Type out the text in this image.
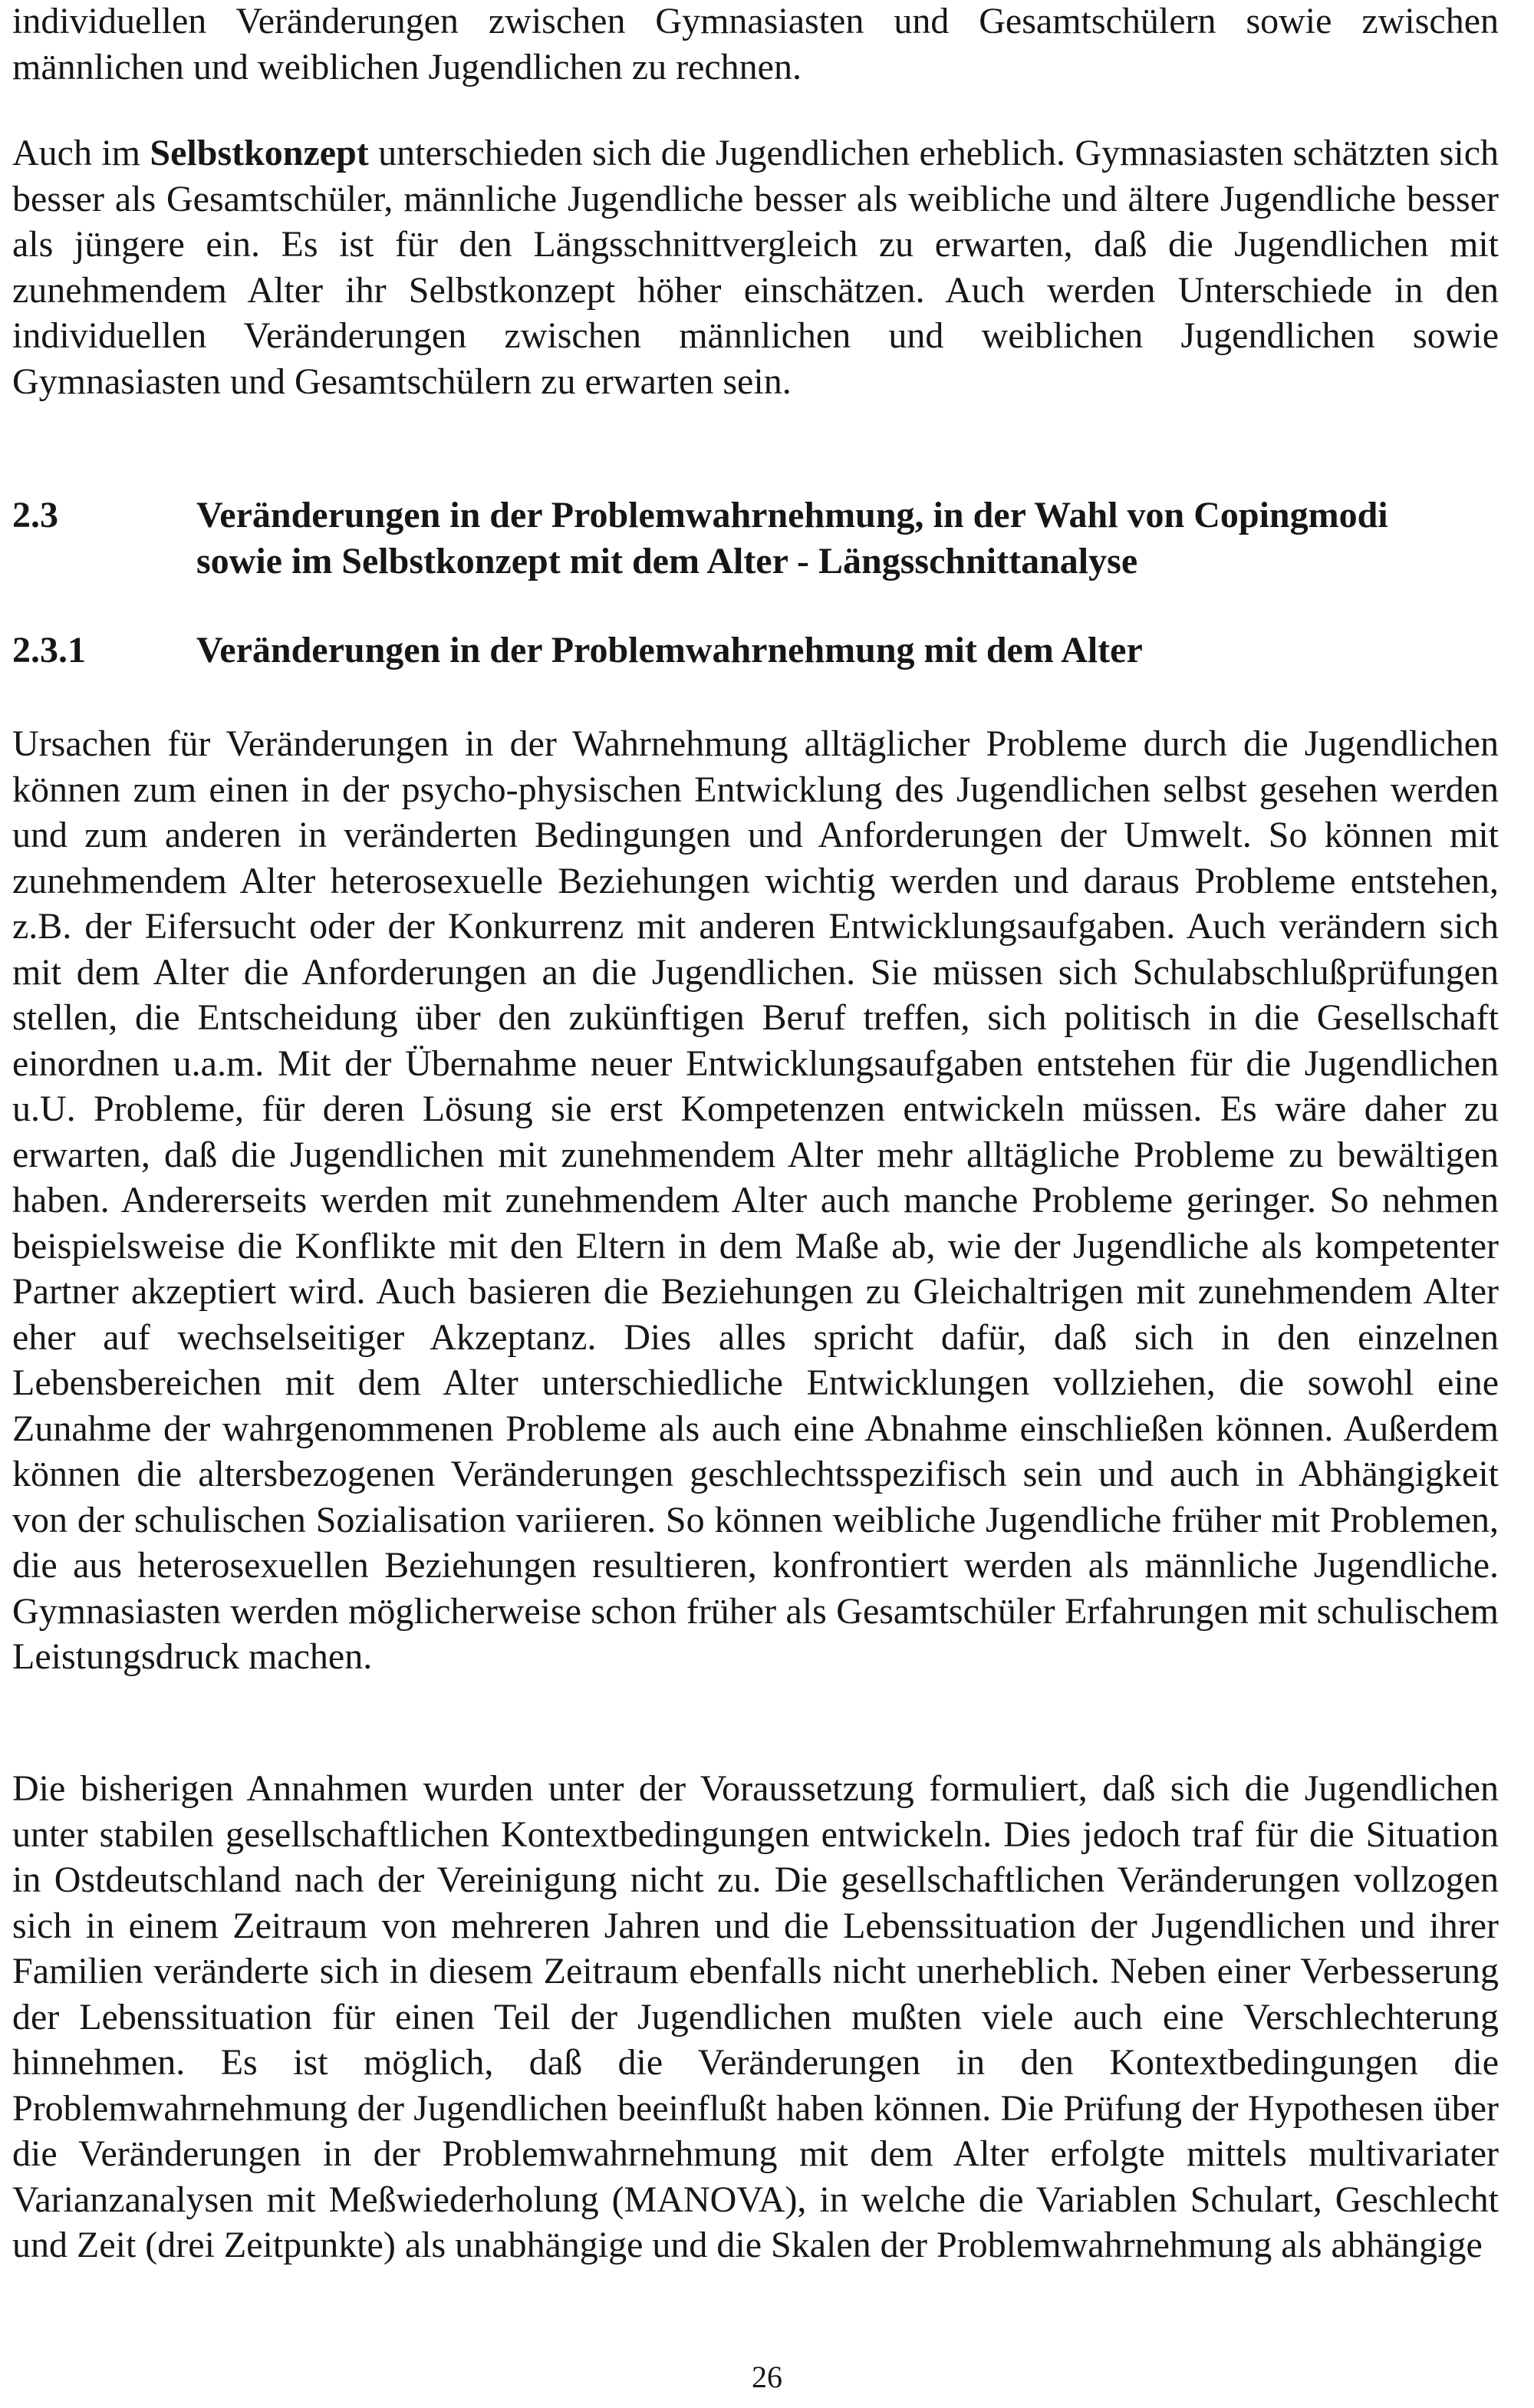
individuellen Veränderungen zwischen Gymnasiasten und Gesamtschülern sowie zwischen männlichen und weiblichen Jugendlichen zu rechnen.

Auch im Selbstkonzept unterschieden sich die Jugendlichen erheblich. Gymnasiasten schätzten sich besser als Gesamtschüler, männliche Jugendliche besser als weibliche und ältere Jugendliche besser als jüngere ein. Es ist für den Längsschnittvergleich zu erwarten, daß die Jugendlichen mit zunehmendem Alter ihr Selbstkonzept höher einschätzen. Auch werden Unterschiede in den individuellen Veränderungen zwischen männlichen und weiblichen Jugendlichen sowie Gymnasiasten und Gesamtschülern zu erwarten sein.

2.3	Veränderungen in der Problemwahrnehmung, in der Wahl von Copingmodi
sowie im Selbstkonzept mit dem Alter - Längsschnittanalyse
2.3.1	Veränderungen in der Problemwahrnehmung mit dem Alter

Ursachen für Veränderungen in der Wahrnehmung alltäglicher Probleme durch die Jugendlichen können zum einen in der psycho-physischen Entwicklung des Jugendlichen selbst gesehen werden und zum anderen in veränderten Bedingungen und Anforderungen der Umwelt. So können mit zunehmendem Alter heterosexuelle Beziehungen wichtig werden und daraus Probleme entstehen, z.B. der Eifersucht oder der Konkurrenz mit anderen Entwicklungsaufgaben. Auch verändern sich mit dem Alter die Anforderungen an die Jugendlichen. Sie müssen sich Schulabschlußprüfungen stellen, die Entscheidung über den zukünftigen Beruf treffen, sich politisch in die Gesellschaft einordnen u.a.m. Mit der Übernahme neuer Entwicklungsaufgaben entstehen für die Jugendlichen u.U. Probleme, für deren Lösung sie erst Kompetenzen entwickeln müssen. Es wäre daher zu erwarten, daß die Jugendlichen mit zunehmendem Alter mehr alltägliche Probleme zu bewältigen haben. Andererseits werden mit zunehmendem Alter auch manche Probleme geringer. So nehmen beispielsweise die Konflikte mit den Eltern in dem Maße ab, wie der Jugendliche als kompetenter Partner akzeptiert wird. Auch basieren die Beziehungen zu Gleichaltrigen mit zunehmendem Alter eher auf wechselseitiger Akzeptanz. Dies alles spricht dafür, daß sich in den einzelnen Lebensbereichen mit dem Alter unterschiedliche Entwicklungen vollziehen, die sowohl eine Zunahme der wahrgenommenen Probleme als auch eine Abnahme einschließen können. Außerdem können die altersbezogenen Veränderungen geschlechtsspezifisch sein und auch in Abhängigkeit von der schulischen Sozialisation variieren. So können weibliche Jugendliche früher mit Problemen, die aus heterosexuellen Beziehungen resultieren, konfrontiert werden als männliche Jugendliche. Gymnasiasten werden möglicherweise schon früher als Gesamtschüler Erfahrungen mit schulischem Leistungsdruck machen.

Die bisherigen Annahmen wurden unter der Voraussetzung formuliert, daß sich die Jugendlichen unter stabilen gesellschaftlichen Kontextbedingungen entwickeln. Dies jedoch traf für die Situation in Ostdeutschland nach der Vereinigung nicht zu. Die gesellschaftlichen Veränderungen vollzogen sich in einem Zeitraum von mehreren Jahren und die Lebenssituation der Jugendlichen und ihrer Familien veränderte sich in diesem Zeitraum ebenfalls nicht unerheblich. Neben einer Verbesserung der Lebenssituation für einen Teil der Jugendlichen mußten viele auch eine Verschlechterung hinnehmen. Es ist möglich, daß die Veränderungen in den Kontextbedingungen die Problemwahrnehmung der Jugendlichen beeinflußt haben können. Die Prüfung der Hypothesen über die Veränderungen in der Problemwahrnehmung mit dem Alter erfolgte mittels multivariater Varianzanalysen mit Meßwiederholung (MANOVA), in welche die Variablen Schulart, Geschlecht und Zeit (drei Zeitpunkte) als unabhängige und die Skalen der Problemwahrnehmung als abhängige

26
